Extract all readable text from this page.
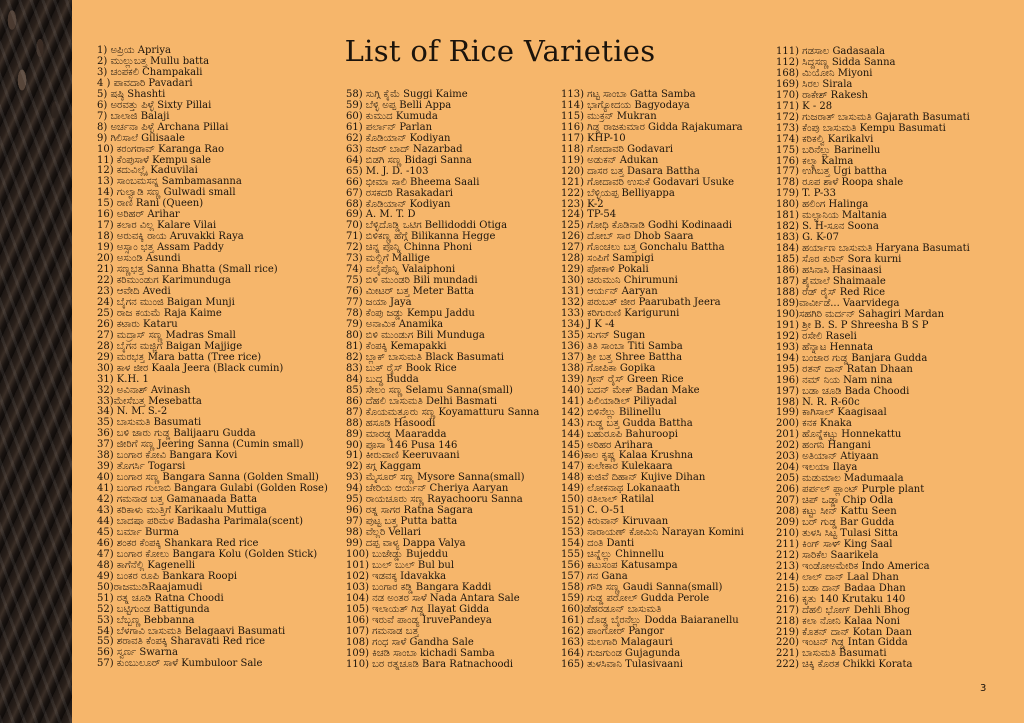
List of Rice Varieties
1) ಅಪ್ರಿಯ Apriya
2) ಮುಲ್ಲುಬತ್ತ Mullu batta
3) ಚಂಪಕಲಿ Champakali
4 ) ಪಾವದಾರಿ Pavadari
5) ಷಷ್ಠಿ Shashti
6) ಅರವತ್ತು ಪಿಳ್ಳೆ Sixty Pillai
7) ಬಾಲಾಜಿ Balaji
8) ಅರ್ಚನಾ ಪಿಳ್ಳೆ Archana Pillai
9) ಗಿಲಿಸಾಲೆ Gilisaale
10) ಕರಂಗರಾವ್ Karanga Rao
11) ಕೆಂಪುಸಾಳೆ Kempu sale
12) ಕದುವಿಲ್ಲೈ Kaduvilai
13) ಸಾಂಬಮಸನ್ನ Sambamasanna
14) ಗುಲ್ವಾಡಿ ಸಣ್ಣ Gulwadi small
15) ರಾಣಿ Rani (Queen)
16) ಅರಿಹರ್ Arihar
17) ಕಲಾರ ವಿಲ್ಲ Kalare Vilai
18) ಅರುವಕ್ಕಿ ರಾಯ Aruvakki Raya
19) ಅಸ್ಸಾಂ ಭತ್ತ Assam Paddy
20) ಅಸುಂಡಿ Asundi
21) ಸಣ್ಣಭತ್ತ Sanna Bhatta (Small rice)
22) ಕರಿಮುಂಡುಗ Karimunduga
23) ಆವೇದಿ Avedi
24) ಬೈಗನ ಮುಂಜಿ Baigan Munji
25) ರಾಜ ಕಯಮೆ Raja Kaime
26) ಕಟಾರು Kataru
27) ಮದ್ರಾಸ್ ಸಣ್ಣ Madras Small
28) ಬೈಗನ ಮಜ್ಜಿಗೆ Baigan Majjige
29) ಮರಭತ್ತ Mara batta (Tree rice)
30) ಕಾಳ ಜೀರ Kaala Jeera (Black cumin)
31) K.H. 1
32) ಅವಿನಾಶ್ Avinash
33)ಮೇಸೆಬತ್ತ Mesebatta
34) N. M. S.-2
35) ಬಾಸುಮತಿ Basumati
36) ಬಳಿ ಜಾರು ಗುಡ್ಡ Balijaaru Gudda
37) ಜೀರಿಗೆ ಸಣ್ಣ Jeering Sanna (Cumin small)
38) ಬಂಗಾರ ಕೋವಿ Bangara Kovi
39) ತೊಗರ್ಸಿ Togarsi
40) ಬಂಗಾರ ಸಣ್ಣ Bangara Sanna (Golden Small)
41) ಬಂಗಾರ ಗುಲಾಬಿ Bangara Gulabi (Golden Rose)
42) ಗಮನಾಡ ಬತ್ತ Gamanaada Batta
43) ಕರಿಕಾಳು ಮುತ್ತಿಗೆ Karikaalu Muttiga
44) ಬಾದಷಾ ಪರಿಮಳ Badasha Parimala(scent)
45) ಬರ್ಮಾ Burma
46) ಶಂಕರ ಕೆಂಪಕ್ಕಿ Shankara Red rice
47) ಬಂಗಾರ ಕೋಲು Bangara Kolu (Golden Stick)
48) ಕಾಗೆನೆಲ್ಲಿ Kagenelli
49) ಬಂಕರ ರೂಪಿ Bankara Roopi
50)ರಾಜಮುಡಿRaajamudi
51) ರತ್ನ ಚೂಡಿ Ratna Choodi
52) ಬಟ್ಟಿಗುಂಡ Battigunda
53) ಬೆಬ್ಬಣ್ಣ Bebbanna
54) ಬೆಳಗಾವಿ ಬಾಸುಮತಿ Belagaavi Basumati
55) ಶರಾವತಿ ಕೆಂಪಕ್ಕಿ Sharavati Red rice
56) ಸ್ವರ್ಣ Swarna
57) ಕುಂಬುಲೂರ್ ಸಾಳೆ Kumbuloor Sale
58) ಸುಗ್ಗಿ ಕೈಮೆ Suggi Kaime
59) ಬೆಳ್ಳಿ ಅಪ್ಪ Belli Appa
60) ಕುಮುದ Kumuda
61) ಪರ್ಲಾನ್ Parlan
62) ಕೊಡಿಯಾನ್ Kodiyan
63) ನಜರ್ ಬಾದ್ Nazarbad
64) ಬಿಡಗಿ ಸಣ್ಣ Bidagi Sanna
65) M. J. D. -103
66) ಭೀಮಾ ಸಾಲಿ Bheema Saali
67) ರಸಕದರಿ Rasakadari
68) ಕೊಡಿಯಾನ್ Kodiyan
69) A. M. T. D
70) ಬೆಳ್ಳಿದೊಡ್ಡಿ ಒಟಿಗ Bellidoddi Otiga
71) ಬಿಳಿಕಣ್ಣ ಹೆಗ್ಗೆ Bilikanna Hegge
72) ಚಿನ್ನ ಪೊನ್ನಿ Chinna Phoni
73) ಮಲ್ಲಿಗೆ Mallige
74) ವಲೈಪೊನ್ನಿ Valaiphoni
75) ಬಿಳಿ ಮುಂಡರಿ Bili mundadi
76) ಮೀಟರ್ ಬತ್ತ Meter Batta
77) ಜಯಾ Jaya
78) ಕೆಂಪು ಜಡ್ಡು Kempu Jaddu
79) ಅನಾಮಿಕ Anamika
80) ಬಿಳಿ ಮುಂಡುಗ Bili Munduga
81) ಕೆಂಪಕ್ಕಿ Kemapakki
82) ಬ್ಲಾಕ್ ಬಾಸುಮತಿ Black Basumati
83) ಬುಕ್ ರೈಸ್ Book Rice
84) ಬುದ್ಧ Budda
85) ಸೇಲಂ ಸಣ್ಣ Selamu Sanna(small)
86) ದೆಹಲಿ ಬಾಸುಮತಿ Delhi Basmati
87) ಕೊಯಮತ್ತೂರು ಸಣ್ಣ Koyamatturu Sanna
88) ಹಸೂಡಿ Hasoodi
89) ಮಾರಡ್ಡ Maaradda
90) ಪೂಸಾ 146 Pusa 146
91) ಕೀರುವಾಣಿ Keeruvaani
92) ಕಗ್ಗ Kaggam
93) ಮೈಸೂರ್ ಸಣ್ಣ Mysore Sanna(small)
94) ಚೇರಿಯ ಆರ್ಯನ್ Cheriya Aaryan
95) ರಾಯಚೂರು ಸಣ್ಣ Rayachooru Sanna
96) ರತ್ನ ಸಾಗರ Ratna Sagara
97) ಪುಟ್ಟ ಬತ್ತ Putta batta
98) ವೆಲ್ಲರಿ Vellari
99) ದಪ್ಪ ವಾಳ್ಯ Dappa Valya
100) ಬುಜೇಡ್ಡು Bujeddu
101) ಬುಲ್ ಬುಲ್ Bul bul
102) ಇಡವಕ್ಕ Idavakka
103) ಬಂಗಾರ ಕಡ್ಡಿ Bangara Kaddi
104) ನಡ ಅಂತರ ಸಾಳೆ Nada Antara Sale
105) ಇಲಾಯತ್ ಗಿಡ್ಡ Ilayat Gidda
106) ಇರುವೆ ಪಾಂಡ್ಯ IruvePandeya
107) ಗಮನಾಡ ಬತ್ತ
108) ಗಂಧ ಸಾಳೆ Gandha Sale
109) ಕಿಚಡಿ ಸಾಂಬಾ kichadi Samba
110) ಬರ ರತ್ನಚೂಡಿ Bara Ratnachoodi
113) ಗಟ್ಟ ಸಾಂಬಾ Gatta Samba
114) ಭಾಗ್ಯೋದಯ Bagyodaya
115) ಮುಕ್ರನ್ Mukran
116) ಗಿಡ್ಡ ರಾಜಕುಮಾರ Gidda Rajakumara
117) KHP-10
118) ಗೋದಾವರಿ Godavari
119) ಅಡುಕನ್ Adukan
120) ದಾಸರ ಬತ್ತ Dasara Battha
121) ಗೋದಾವರಿ ಉಸುಕೆ Godavari Usuke
122) ಬೆಳ್ಳಿಯಪ್ಪ Belliyappa
123) K-2
124) TP-54
125) ಗೋಧಿ ಕೊಡಿನಾಡಿ Godhi Kodinaadi
126) ದೋಬ್ ಸಾರ Dhob Saara
127) ಗೊಂಚಲು ಬತ್ತ Gonchalu Battha
128) ಸಂಪಿಗೆ Sampigi
129) ಪೋಕಾಳಿ Pokali
130) ಚಿರುಮುನಿ Chirumuni
131) ಆರ್ಯನ್ Aaryan
132) ಪರುಬತ್ ಜೀರ Paarubath Jeera
133) ಕರಿಗುರುಣಿ Kariguruni
134) J K -4
135) ಸುಗನ್ Sugan
136) ತಿತಿ ಸಾಂಬಾ Titi Samba
137) ಶ್ರೀ ಬತ್ತ Shree Battha
138) ಗೋಪಿಕಾ Gopika
139) ಗ್ರೀನ್ ರೈಸ್ Green Rice
140) ಬದನ್ ಮೇಕ್ Badan Make
141) ಪಿಲಿಯಾಡಿಲ್ Piliyadal
142) ಬಿಳಿನೆಲ್ಲು Bilinellu
143) ಗುಡ್ಡ ಬತ್ತ Gudda Battha
144) ಬಹುರೂಪಿ Bahuroopi
145) ಅರಿಹರ Arihara
146)ಕಾಲ ಕೃಷ್ಣ Kalaa Krushna
147) ಕುಲೇಕಾರ Kulekaara
148) ಕುಜಿವೆ ದಿಹಾನ್ Kujive Dihan
149) ಲೋಕನಾಥ Lokanaath
150) ರತಿಲಾಲ್ Ratilal
151) C. O-51
152) ಕಿರುವಾನ್ Kiruvaan
153) ನಾರಾಯಣ್ ಕೋಮಿನಿ Narayan Komini
154) ದಂತಿ Danti
155) ಚಿನ್ನೆಲ್ಲು Chinnellu
156) ಕಟುಸಂಪ Katusampa
157) ಗನ Gana
158) ಗೌಡಿ ಸಣ್ಣ Gaudi Sanna(small)
159) ಗುಡ್ಡ ಪರೋಲ್ Gudda Perole
160)ಡೆಹರಡೂನ್ ಬಾಸುಮತಿ
161) ದೊಡ್ಡ ಬೈರನೆಲ್ಲು Dodda Baiaranellu
162) ಪಾಂಗೋರ್ Pangor
163) ಮಲಗಾರಿ Malagauri
164) ಗುಜಗುಂಡ Gujagunda
165) ತುಳಸಿವಾನಿ Tulasivaani
111) ಗಡಸಾಲ Gadasaala
112) ಸಿದ್ದಸಣ್ಣ Sidda Sanna
168) ಮಿಯೋನಿ Miyoni
169) ಸಿರಲ Sirala
170) ರಾಕೇಶ್ Rakesh
171) K - 28
172) ಗುಜರಾತ್ ಬಾಸುಮತಿ Gajarath Basumati
173) ಕೆಂಪು ಬಾಸುಮತಿ Kempu Basumati
174) ಕರಿಕಲ್ವಿ Karikalvi
175) ಬರಿನೆಲ್ಲು Barinellu
176) ಕಲ್ಮಾ Kalma
177) ಉಗಿಬತ್ತ Ugi battha
178) ರೂಪ ಶಾಳೆ Roopa shale
179) T. P-33
180) ಹಲಿಂಗ Halinga
181) ಮಲ್ಟಾನಿಯ Maltania
182) S. H-ಸೂನ Soona
183) G. K-07
184) ಹರ್ಯಾಣ ಬಾಸುಮತಿ Haryana Basumati
185) ಸೊರ ಕುರಿನ್ Sora kurni
186) ಹಸಿನಾಸಿ Hasinaasi
187) ಶೈಮಾಲೆ Shaimaale
188) ರೆಡ್ ರೈಸ್ Red Rice
189)ವಾರ್ವೀಡೆ... Vaarvidega
190)ಸಹಗಿರಿ ಮರ್ದನ್ Sahagiri Mardan
191) ಶ್ರೀ B. S. P Shreesha B S P
192) ರಸೇಲಿ Raseli
193) ಹೆನ್ನಾಟ Hennata
194) ಬಂಜಾರ ಗುಡ್ಡ Banjara Gudda
195) ರತನ್ ದಾನ್ Ratan Dhaan
196) ನಮ್ ನಿಯ Nam nina
197) ಬಡಾ ಚೂಡಿ Bada Choodi
198) N. R. R-60c
199) ಕಾಗಿಸಾಲ್ Kaagisaal
200) ಕನಕ Knaka
201) ಹೊನ್ನೆಕಟ್ಟು Honnekattu
202) ಹಂಗನಿ Hangani
203) ಅತಿಯಾನ್ Atiyaan
204) ಇಲಯಾ Ilaya
205) ಮಡುಮಾಲ Madumaala
206) ಪರ್ಪಲ್ ಪ್ಲಾಂಟ್ Purple plant
207) ಚಿಪ್ ಒಡ್ಡಾ Chip Odla
208) ಕಟ್ಟು ಸೀನ್ Kattu Seen
209) ಬರ್ ಗುಡ್ಡ Bar Gudda
210) ತುಳಸಿ ಸಿಟ್ಟ Tulasi Sitta
211) ಕಿಂಗ್ ಸಾಳ್ King Saal
212) ಸಾರಿಕೆಲ Saarikela
213) ಇಂಡೋಅಮೇರಿಕ Indo America
214) ಲಾಲ್ ದಾನ್ Laal Dhan
215) ಬಡಾ ದಾನ್ Badaa Dhan
216) ಕೃತು 140 Krutaku 140
217) ದೆಹಲಿ ಭೋಗ್ Dehli Bhog
218) ಕಲಾ ನೋನಿ Kalaa Noni
219) ಕೊತನ್ ದಾನ್ Kotan Daan
220) ಇಂಟನ್ ಗಿಡ್ಡ Intan Gidda
221) ಬಾಸುಮತಿ Basumati
222) ಚಿಕ್ಕಿ ಕೊರತ Chikki Korata
3
